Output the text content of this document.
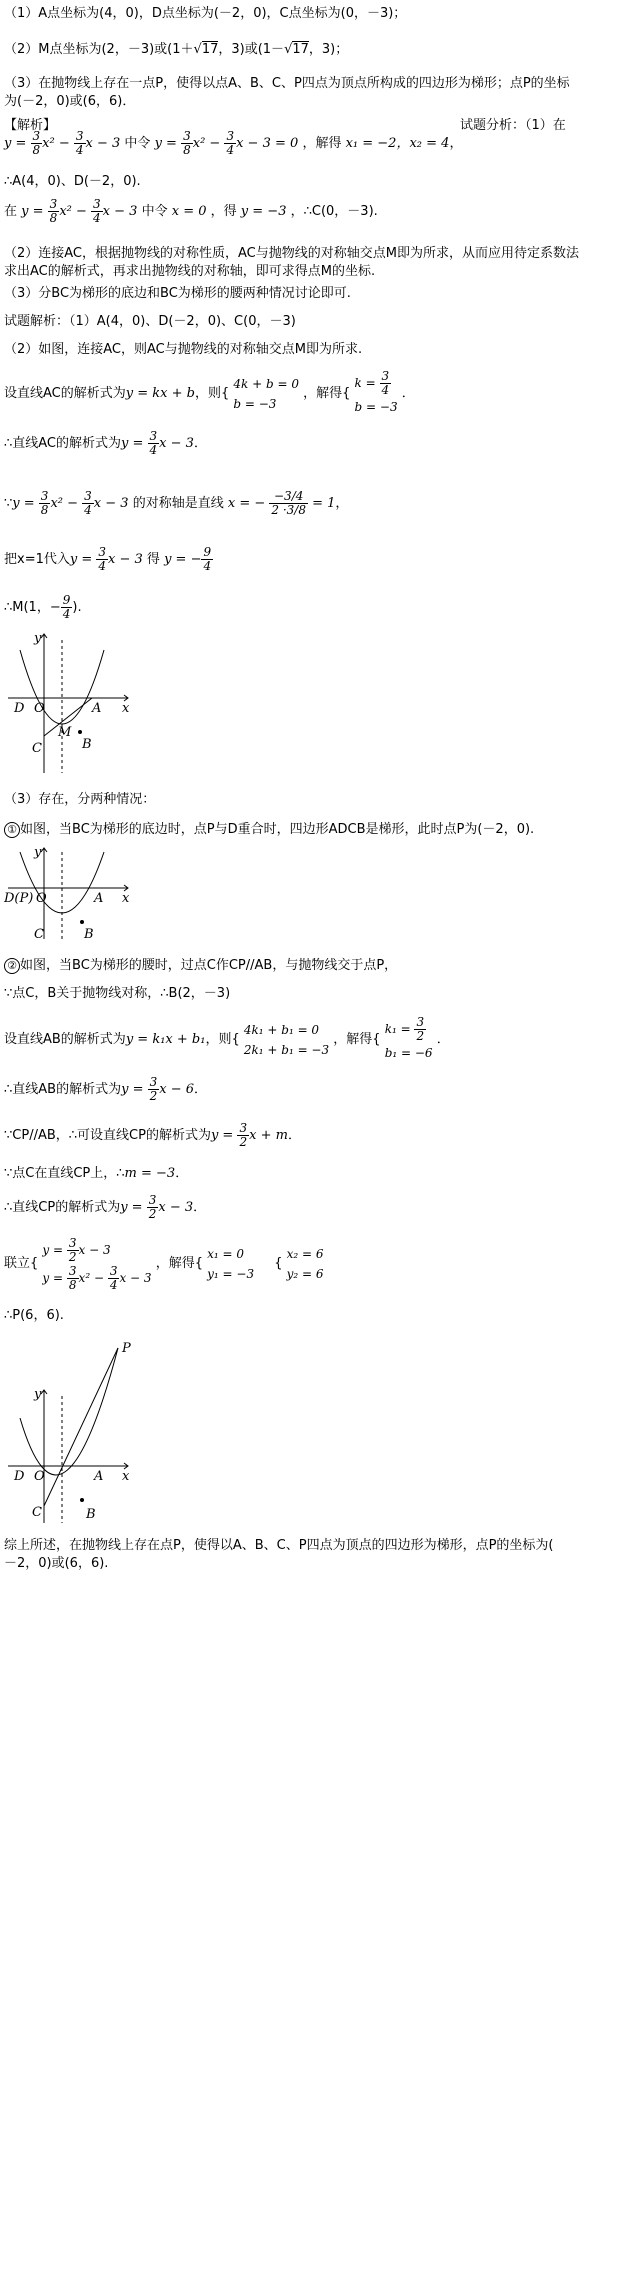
（1）A点坐标为(4，0)，D点坐标为(－2，0)，C点坐标为(0，－3)；
（2）M点坐标为(2，－3)或(1＋√17，3)或(1－√17，3)；
（3）在抛物线上存在一点P，使得以点A、B、C、P四点为顶点所构成的四边形为梯形；点P的坐标
为(－2，0)或(6，6)．
【解析】	试题分析：（1）在
$y = \frac{3}{8} x^2 - \frac{3}{4}$ x − 3 中令 $y = \frac{3}{8} x^2 - \frac{3}{4}$ x − 3 = 0 ，解得 x₁ = −2，x₂ = 4，
∴A(4，0)、D(－2，0).
在 $y = \frac{3}{8} x^2 - \frac{3}{4}$ x − 3 中令 x = 0 ，得 y = −3 ，∴C(0，－3).
（2）连接AC，根据抛物线的对称性质，AC与抛物线的对称轴交点M即为所求，从而应用待定系数法
求出AC的解析式，再求出抛物线的对称轴，即可求得点M的坐标.
（3）分BC为梯形的底边和BC为梯形的腰两种情况讨论即可.
试题解析：（1）A(4，0)、D(－2，0)、C(0，－3)
（2）如图，连接AC，则AC与抛物线的对称轴交点M即为所求.
设直线AC的解析式为y = kx + b，则{
4k + b = 0
b = −3
，解得{
$k = \frac{3}{4}$
b = −3
．
∴直线AC的解析式为$y = \frac{3}{4}$ x − 3．
∵y = $\frac{3}{8} x^2 - \frac{3}{4}$ x − 3 的对称轴是直线 x = − $\frac{-3/4}{2 \cdot 3/8} = 1$，
把x=1代入$y = \frac{3}{4}$ x − 3 得 y = − $\frac{9}{4}$
∴M(1，− $\frac{9}{4}$ ).
x
y
O
D	A
C	B
M
（3）存在，分两种情况：
① 如图，当BC为梯形的底边时，点P与D重合时，四边形ADCB是梯形，此时点P为(－2，0).
x
y
O
D(P)	A
C	B
② 如图，当BC为梯形的腰时，过点C作CP//AB，与抛物线交于点P，
∵点C，B关于抛物线对称，∴B(2，－3)
设直线AB的解析式为y = k₁x + b₁，则{
4k₁ + b₁ = 0
2k₁ + b₁ = −3
，解得{
$k_1 = \frac{3}{2}$
b₁ = −6
．
∴直线AB的解析式为$y = \frac{3}{2}$ x − 6．
∵CP//AB，∴可设直线CP的解析式为$y = \frac{3}{2}$ x + m．
∵点C在直线CP上，∴m = −3．
∴直线CP的解析式为$y = \frac{3}{2}$ x − 3．
联立{
$y = \frac{3}{2}$ x − 3
$y = \frac{3}{8} x^2 - \frac{3}{4}$ x − 3
，解得{
x₁ = 0
y₁ = −3
{
x₂ = 6
y₂ = 6
∴P(6，6).
x
y
O
D	A
C	B
P
综上所述，在抛物线上存在点P，使得以A、B、C、P四点为顶点的四边形为梯形，点P的坐标为(
－2，0)或(6，6).
